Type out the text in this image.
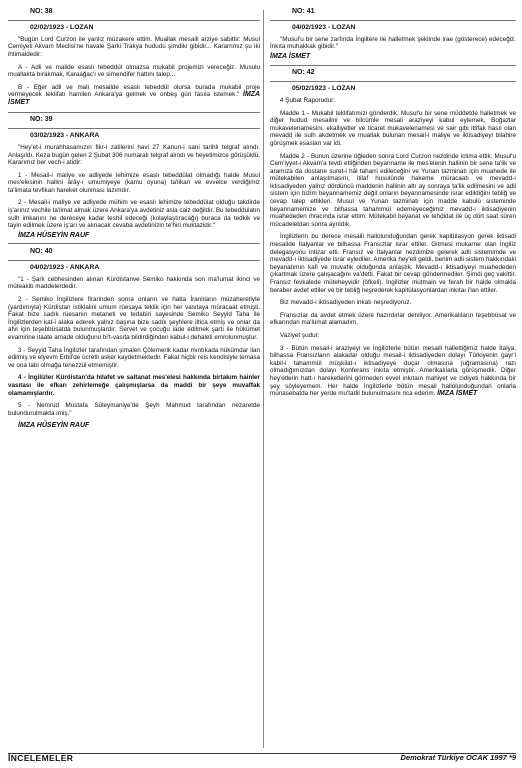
NO: 38
02/02/1923 - LOZAN

"Bugün Lord Curzon ile yanlız müzakere ettim. Muallak mesaili arziye sabittir: Musul Cemiyeti Akvam Meclisi'ne havale Şarki Trakya hududu şimdiki gibidir... Kararnmız şu iki ihtimaldedir:

A - Adli ve malide esaslı tebeddül olmazsa mukabil projemizi vereceğiz. Musulu muallakta bırakmak, Karaağac'ı ve simendifer hattını talep...

B - Eğer adli ve mali mesailde esaslı tebeddül olursa burada mukabil proje vermeyecek teklifatı hamilen Ankara'ya gelmek ve onbeş gün fasıla istemek." İMZA İSMET

NO: 39
03/02/1923 - ANKARA

"Hey'et-i murahhasamızın fikr-i zatilerini havi 27 Kanun-i sani tarihli telgraf alındı. Anlaşıldı. Keza bugün gelen 2 Şubat 306 numaralı telgraf alındı ve heyetimizce görüşüldü. Kararımız ber vech-i atidir:

1 - Mesail-i maliye ve adliyede lehimize esaslı tebeddülat olmadığı halde Musul mes'elesinin hallini ârây-ı umumiyeye (kamu oyuna) ta'likan ve evvelce verdiğimiz ta'limata tevfikan hareket olunması lazımdır.

2 - Mesail-i maliye ve adliyede mühim ve esaslı lehimize tebeddülat olduğu takdirde iş'arınız vechile ta'limat almak üzere Ankara'ya avdetiniz asla caiz değildir. Bu tebeddülatın sulh imkanını ne dereceye kadar teshil edeceği (kolaylaştıracağı) buraca da tedkik ve tayin edilmek üzere iş'arı ve alınacak cevaba avdetinizin te'hiri muktazidir."

İMZA HÜSEYİN RAUF
NO: 40
04/02/1923 - ANKARA

"1 - Şark cebhesinden alınan Kürdistanve Semiko hakkında son ma'lumat ikinci ve müteakib maddelerdedir.

2 - Semiko İngilizlere firarinden sonra onların ve hatta İranlıların müzaheretiyle (yardımıyla) Kürdistan istiklalini umum rüesaya teklik için her vasıtaya müracaat etmişti. Fakat bize sadık rüesanın metaneti ve tedabiri sayesinde Semiko Seyyid Taha ile İngilizlerden kat-i alaka ederek yalnız başına bize sadık şeyhlere iltica etmiş ve onlar da afvi için teşebbüsatda bulunmuşlardır. Servet ve çocuğu iade edilmek şartı ile hükümet evamirine itaate amade olduğunu bi't-vasıta bildirdiğinden kabul-i dehaleti emrolunmuştur.

3 - Seyyid Taha İngilizler tarafından şimalen Çölemerik kadar mıntıkada hükümdar ilan edilmiş ve elyevm Erbil'de ücretli asker kaydetmektedir. Fakat hiçbir reis kendisiyle temasa ve ona tabi olmağa tenezzül etmemiştir.

4 - İngilizler Kürdistan'da hilafet ve saltanat mes'elesi hakkında birtakım hainler vasıtası ile efkarı zehirlemeğe çalışmışlarsa da maddi bir şeye muvaffak olamamışlardır.

5 - Nemrud Mustafa Süleymaniye'de Şeyh Mahmud tarafından nezaretde bulundurulmakta imiş."

İMZA HÜSEYİN RAUF
NO: 41
04/02/1923 - LOZAN

"Musul'u bir sene zarfında İngiltere ile halletmek şeklinde irae (gösterece) edeceğiz. İnkıta muhakkak gibidir."

İMZA İSMET
NO: 42
05/02/1923 - LOZAN

4 Şubat Raporudur:

Madde 1 - Mukabil teklifatımızi gönderdik. Musul'u bir sene müddetde halletmek ve diğer hudud mesailini ve bilcümle mesali araziyeyi kabul eylemek, Boğazlar mukavelenamesini, ekalliyetler ve ticaret mukavelenamesi ve sair gibi ittifak hasıl olan mevadd ile sulh akdetmek ve muallak bulunan mesail-i maliye ve iktisadiyeyi bilahire görüşmek esasları var idi.

Madde 2 - Bunun üzerine öğleden sonra Lord Curzon nezdinde ictima ettik. Musul'u Cem'iyyet-i Akvam'a tevdi ettiğinden beyanname ile mes'elenin hallinin bir sene ta'lik ve aramıza da dostane suret-i hâl taharri edileceğini ve Yunan tazminatı için muahede ile mütekabilen anlaşılmasını, itilaf husulünde hakeme müracaatı ve mevadd-ı iktisadiyeden yalnız dördüncü maddenin hallinin altı ay sonraya ta'lik edilmesini ve adli sistem için bizim beyannamemiz değil onların beyannamesinde israr edildiğini tebliğ ve cevap talep ettikleri. Musul ve Yunan tazminatı için madde kabulü sisteminde beyannamemize ve bilhassa tahammül edemeyeceğimiz mevadd-ı iktisadiyenin muahededen ihracında israr ettim. Mütekabil beyanat ve tehdidat ile üç dört saat süren mücadeletdan sonra ayrıldık.

İngilizlerin bu derece mesaili hallolunduğundan gerek kapitülasyon gerek iktisadi mesailde İtalyanlar ve bilhassa Fransızlar israr ettiler. Gitmesi mukarrer olan İngiliz delegasyonu intizar etti. Fransız ve İtalyanlar nezdimize gelerek adli sistemimde ve mevadd-ı iktisadiyede israr eylediler. Amerika hey'eti geldi, benim adli sistem hakkındaki beyanatımın kafi ve muvafık olduğunda anlaştık. Mevadd-ı iktisadiyeyi muahededen çıkartmak üzere çalışacağını va'detti. Fakat bir cevap göndermediler. Şimdi geç vakittir. Fransız fevkalede müteheyvidir (öfkeli). İngilizler mutmain ve ferah bir halde olmakla beraber avdet ettiler ve bir tebliğ neşrederek kapitülasyonlardan inkıtaı i'lan ettiler.

Biz mevadd-ı iktisadiyeden inkatı neşrediyoruz.

Fransızlar da avdet etmek üzere hazırdırlar deniliyor. Amerikalıların teşebbüsat ve efkarından ma'lumat alamadım.

Vaziyet şudur:

3 - Bütün mesail-i araziyeyi ve İngilizlerle bütün mesaili hallettiğimiz halde İtalya, bilhassa Fransızların alakadar olduğu mesail-i iktisadiyeden dolayı Türkiyenin gayr'i kabil-i tahammül müşkilat-ı iktisadiyeye duçar olmasına (uğramasına) razı olmadığımızdan dolayı Konferans inkıta etmiştir. Amerikalılarla görüşmedik. Diğer hey'etlerin hatt-ı hareketlerini görmeden evvel inkıtaın mahiyet ve cidiyeti hakkında bir şey söyleyemem. Her halde İngilizlerle bütün mesail hallolunduğundan onlarla münasebatda her yerde mu'tadil bulunulmasını rica ederim. İMZA İSMET

İNCELEMELER	Demokrat Türkiye OCAK 1997 *9
